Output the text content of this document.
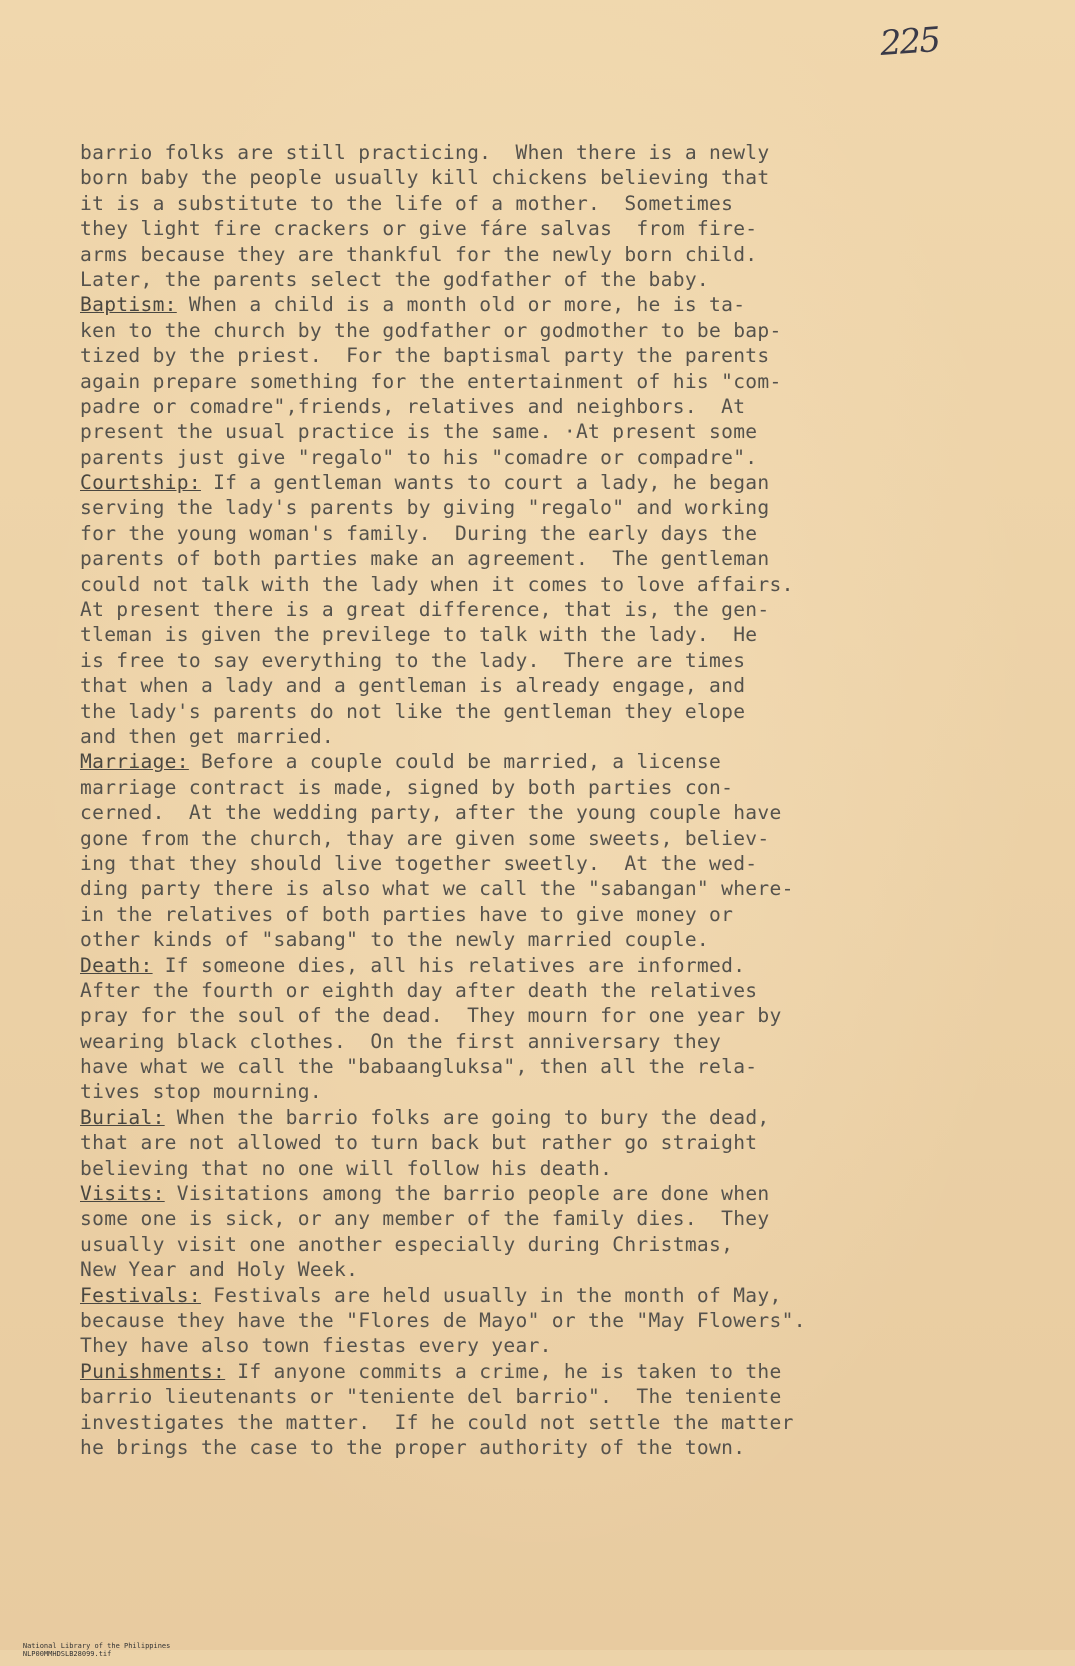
225
barrio folks are still practicing.  When there is a newly
born baby the people usually kill chickens believing that
it is a substitute to the life of a mother.  Sometimes
they light fire crackers or give fáre salvas  from fire-
arms because they are thankful for the newly born child.
Later, the parents select the godfather of the baby.
Baptism: When a child is a month old or more, he is ta-
ken to the church by the godfather or godmother to be bap-
tized by the priest.  For the baptismal party the parents
again prepare something for the entertainment of his "com-
padre or comadre",friends, relatives and neighbors.  At
present the usual practice is the same. ·At present some
parents just give "regalo" to his "comadre or compadre".
Courtship: If a gentleman wants to court a lady, he began
serving the lady's parents by giving "regalo" and working
for the young woman's family.  During the early days the
parents of both parties make an agreement.  The gentleman
could not talk with the lady when it comes to love affairs.
At present there is a great difference, that is, the gen-
tleman is given the previlege to talk with the lady.  He
is free to say everything to the lady.  There are times
that when a lady and a gentleman is already engage, and
the lady's parents do not like the gentleman they elope
and then get married.
Marriage: Before a couple could be married, a license
marriage contract is made, signed by both parties con-
cerned.  At the wedding party, after the young couple have
gone from the church, thay are given some sweets, believ-
ing that they should live together sweetly.  At the wed-
ding party there is also what we call the "sabangan" where-
in the relatives of both parties have to give money or
other kinds of "sabang" to the newly married couple.
Death: If someone dies, all his relatives are informed.
After the fourth or eighth day after death the relatives
pray for the soul of the dead.  They mourn for one year by
wearing black clothes.  On the first anniversary they
have what we call the "babaangluksa", then all the rela-
tives stop mourning.
Burial: When the barrio folks are going to bury the dead,
that are not allowed to turn back but rather go straight
believing that no one will follow his death.
Visits: Visitations among the barrio people are done when
some one is sick, or any member of the family dies.  They
usually visit one another especially during Christmas,
New Year and Holy Week.
Festivals: Festivals are held usually in the month of May,
because they have the "Flores de Mayo" or the "May Flowers".
They have also town fiestas every year.
Punishments: If anyone commits a crime, he is taken to the
barrio lieutenants or "teniente del barrio".  The teniente
investigates the matter.  If he could not settle the matter
he brings the case to the proper authority of the town.

National Library of the Philippines
NLP00MMHDSLB28099.tif
